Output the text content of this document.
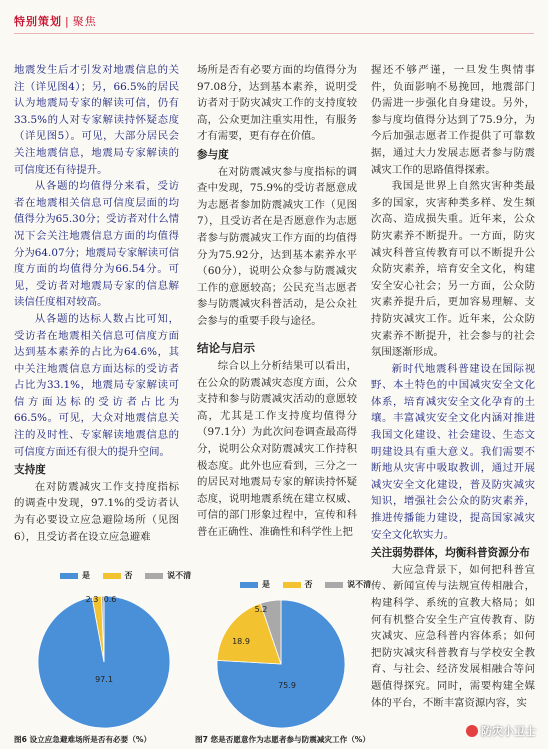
特别策划 | 聚焦

地震发生后才引发对地震信息的关注（详见图4）；另，66.5%的居民认为地震局专家的解读可信，仍有33.5%的人对专家解读持怀疑态度（详见图5）。可见，大部分居民会关注地震信息，地震局专家解读的可信度还有待提升。

从各题的均值得分来看，受访者在地震相关信息可信度层面的均值得分为65.30分；受访者对什么情况下会关注地震信息方面的均值得分为64.07分；地震局专家解读可信度方面的均值得分为66.54分。可见，受访者对地震局专家的信息解读信任度相对较高。

从各题的达标人数占比可知，受访者在地震相关信息可信度方面达到基本素养的占比为64.6%，其中关注地震信息方面达标的受访者占比为33.1%，地震局专家解读可信方面达标的受访者占比为66.5%。可见，大众对地震信息关注的及时性、专家解读地震信息的可信度方面还有很大的提升空间。

支持度

在对防震减灾工作支持度指标的调查中发现，97.1%的受访者认为有必要设立应急避险场所（见图6），且受访者在设立应急避难

场所是否有必要方面的均值得分为97.08分，达到基本素养，说明受访者对于防灾减灾工作的支持度较高，公众更加注重实用性，有服务才有需要，更有存在价值。

参与度

在对防震减灾参与度指标的调查中发现，75.9%的受访者愿意成为志愿者参加防震减灾工作（见图7），且受访者在是否愿意作为志愿者参与防震减灾工作方面的均值得分为75.92分，达到基本素养水平（60分），说明公众参与防震减灾工作的意愿较高；公民充当志愿者参与防震减灾科普活动，是公众社会参与的重要手段与途径。

结论与启示

综合以上分析结果可以看出，在公众的防震减灾态度方面，公众支持和参与防震减灾活动的意愿较高，尤其是工作支持度均值得分（97.1分）为此次问卷调查最高得分，说明公众对防震减灾工作持积极态度。此外也应看到，三分之一的居民对地震局专家的解读持怀疑态度，说明地震系统在建立权威、可信的部门形象过程中，宣传和科普在正确性、准确性和科学性上把

握还不够严谨，一旦发生舆情事件，负面影响不易挽回，地震部门仍需进一步强化自身建设。另外，参与度均值得分达到了75.9分，为今后加强志愿者工作提供了可靠数据，通过大力发展志愿者参与防震减灾工作的思路值得探索。

我国是世界上自然灾害种类最多的国家，灾害种类多样、发生频次高、造成损失重。近年来，公众防灾素养不断提升。一方面，防灾减灾科普宣传教育可以不断提升公众防灾素养，培育安全文化，构建安全安心社会；另一方面，公众防灾素养提升后，更加容易理解、支持防灾减灾工作。近年来，公众防灾素养不断提升，社会参与的社会氛围逐渐形成。

新时代地震科普建设在国际视野、本土特色的中国减灾安全文化体系，培育减灾安全文化孕育的土壤。丰富减灾安全文化内涵对推进我国文化建设、社会建设、生态文明建设具有重大意义。我们需要不断地从灾害中吸取教训，通过开展减灾安全文化建设，普及防灾减灾知识，增强社会公众的防灾素养，推进传播能力建设，提高国家减灾安全文化软实力。

关注弱势群体，均衡科普资源分布

大应急背景下，如何把科普宣传、新闻宣传与法规宣传相融合，构建科学、系统的宣教大格局；如何有机整合安全生产宣传教育、防灾减灾、应急科普内容体系；如何把防灾减灾科普教育与学校安全教育、与社会、经济发展相融合等问题值得探究。同时，需要构建全媒体的平台，不断丰富资源内容，实

是
	否
	说不清
97.1
2.3 0.6
图6 设立应急避难场所是否有必要（%）
是
	否
	说不清
75.9
18.9
5.2
图7 您是否愿意作为志愿者参与防震减灾工作（%）
防灾小卫士
